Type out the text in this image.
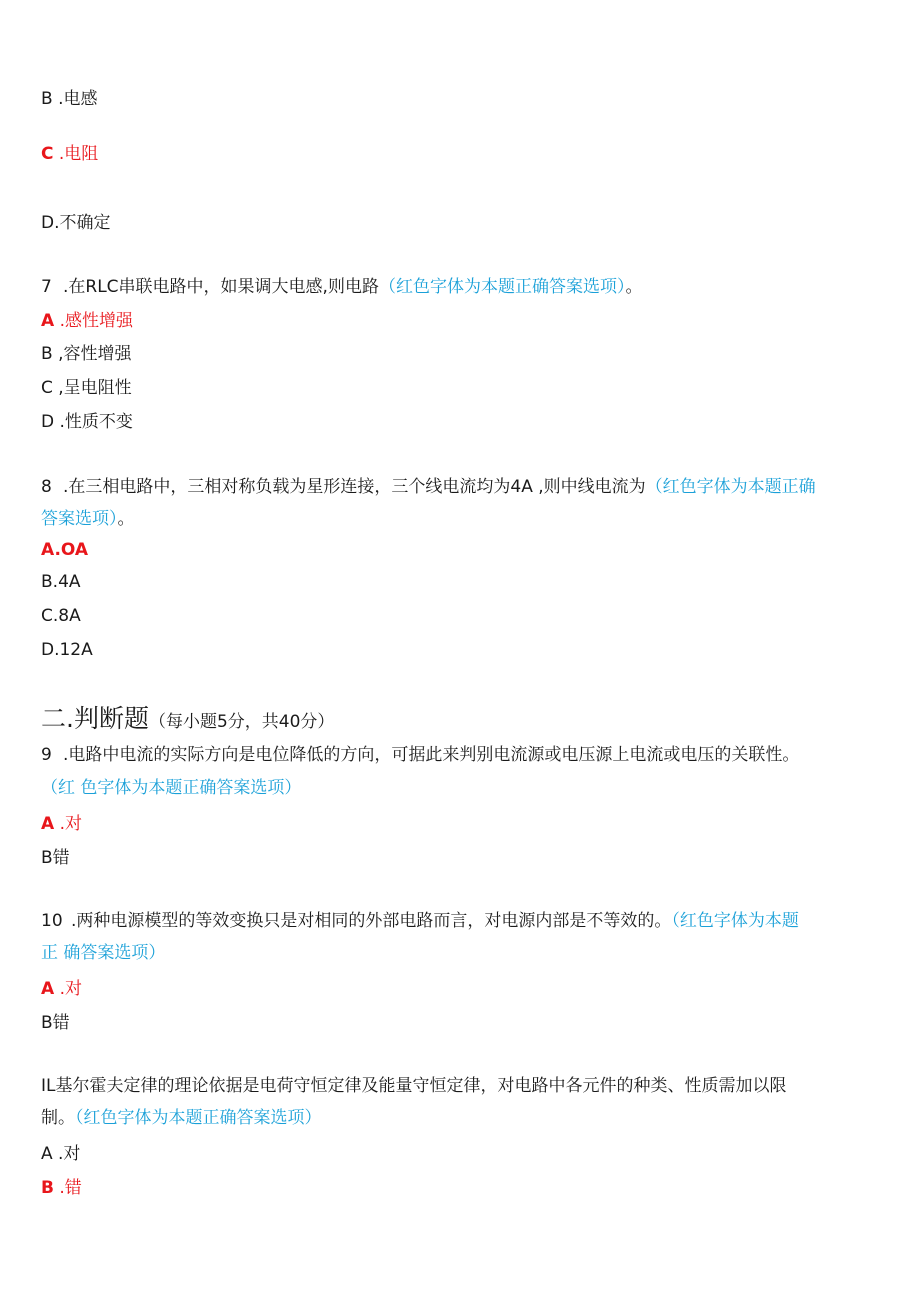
B .电感
C .电阻
D.不确定
7 .在RLC串联电路中，如果调大电感,则电路（红色字体为本题正确答案选项）。
A .感性增强
B ,容性增强
C ,呈电阻性
D .性质不变
8 .在三相电路中，三相对称负载为星形连接，三个线电流均为4A ,则中线电流为（红色字体为本题正确
答案选项）。
A.OA
B.4A
C.8A
D.12A
二.判断题（每小题5分，共40分）
9 .电路中电流的实际方向是电位降低的方向，可据此来判别电流源或电压源上电流或电压的关联性。
（红 色字体为本题正确答案选项）
A .对
B错
10 .两种电源模型的等效变换只是对相同的外部电路而言，对电源内部是不等效的。（红色字体为本题
正 确答案选项）
A .对
B错
IL基尔霍夫定律的理论依据是电荷守恒定律及能量守恒定律，对电路中各元件的种类、性质需加以限
制。（红色字体为本题正确答案选项）
A .对
B .错
